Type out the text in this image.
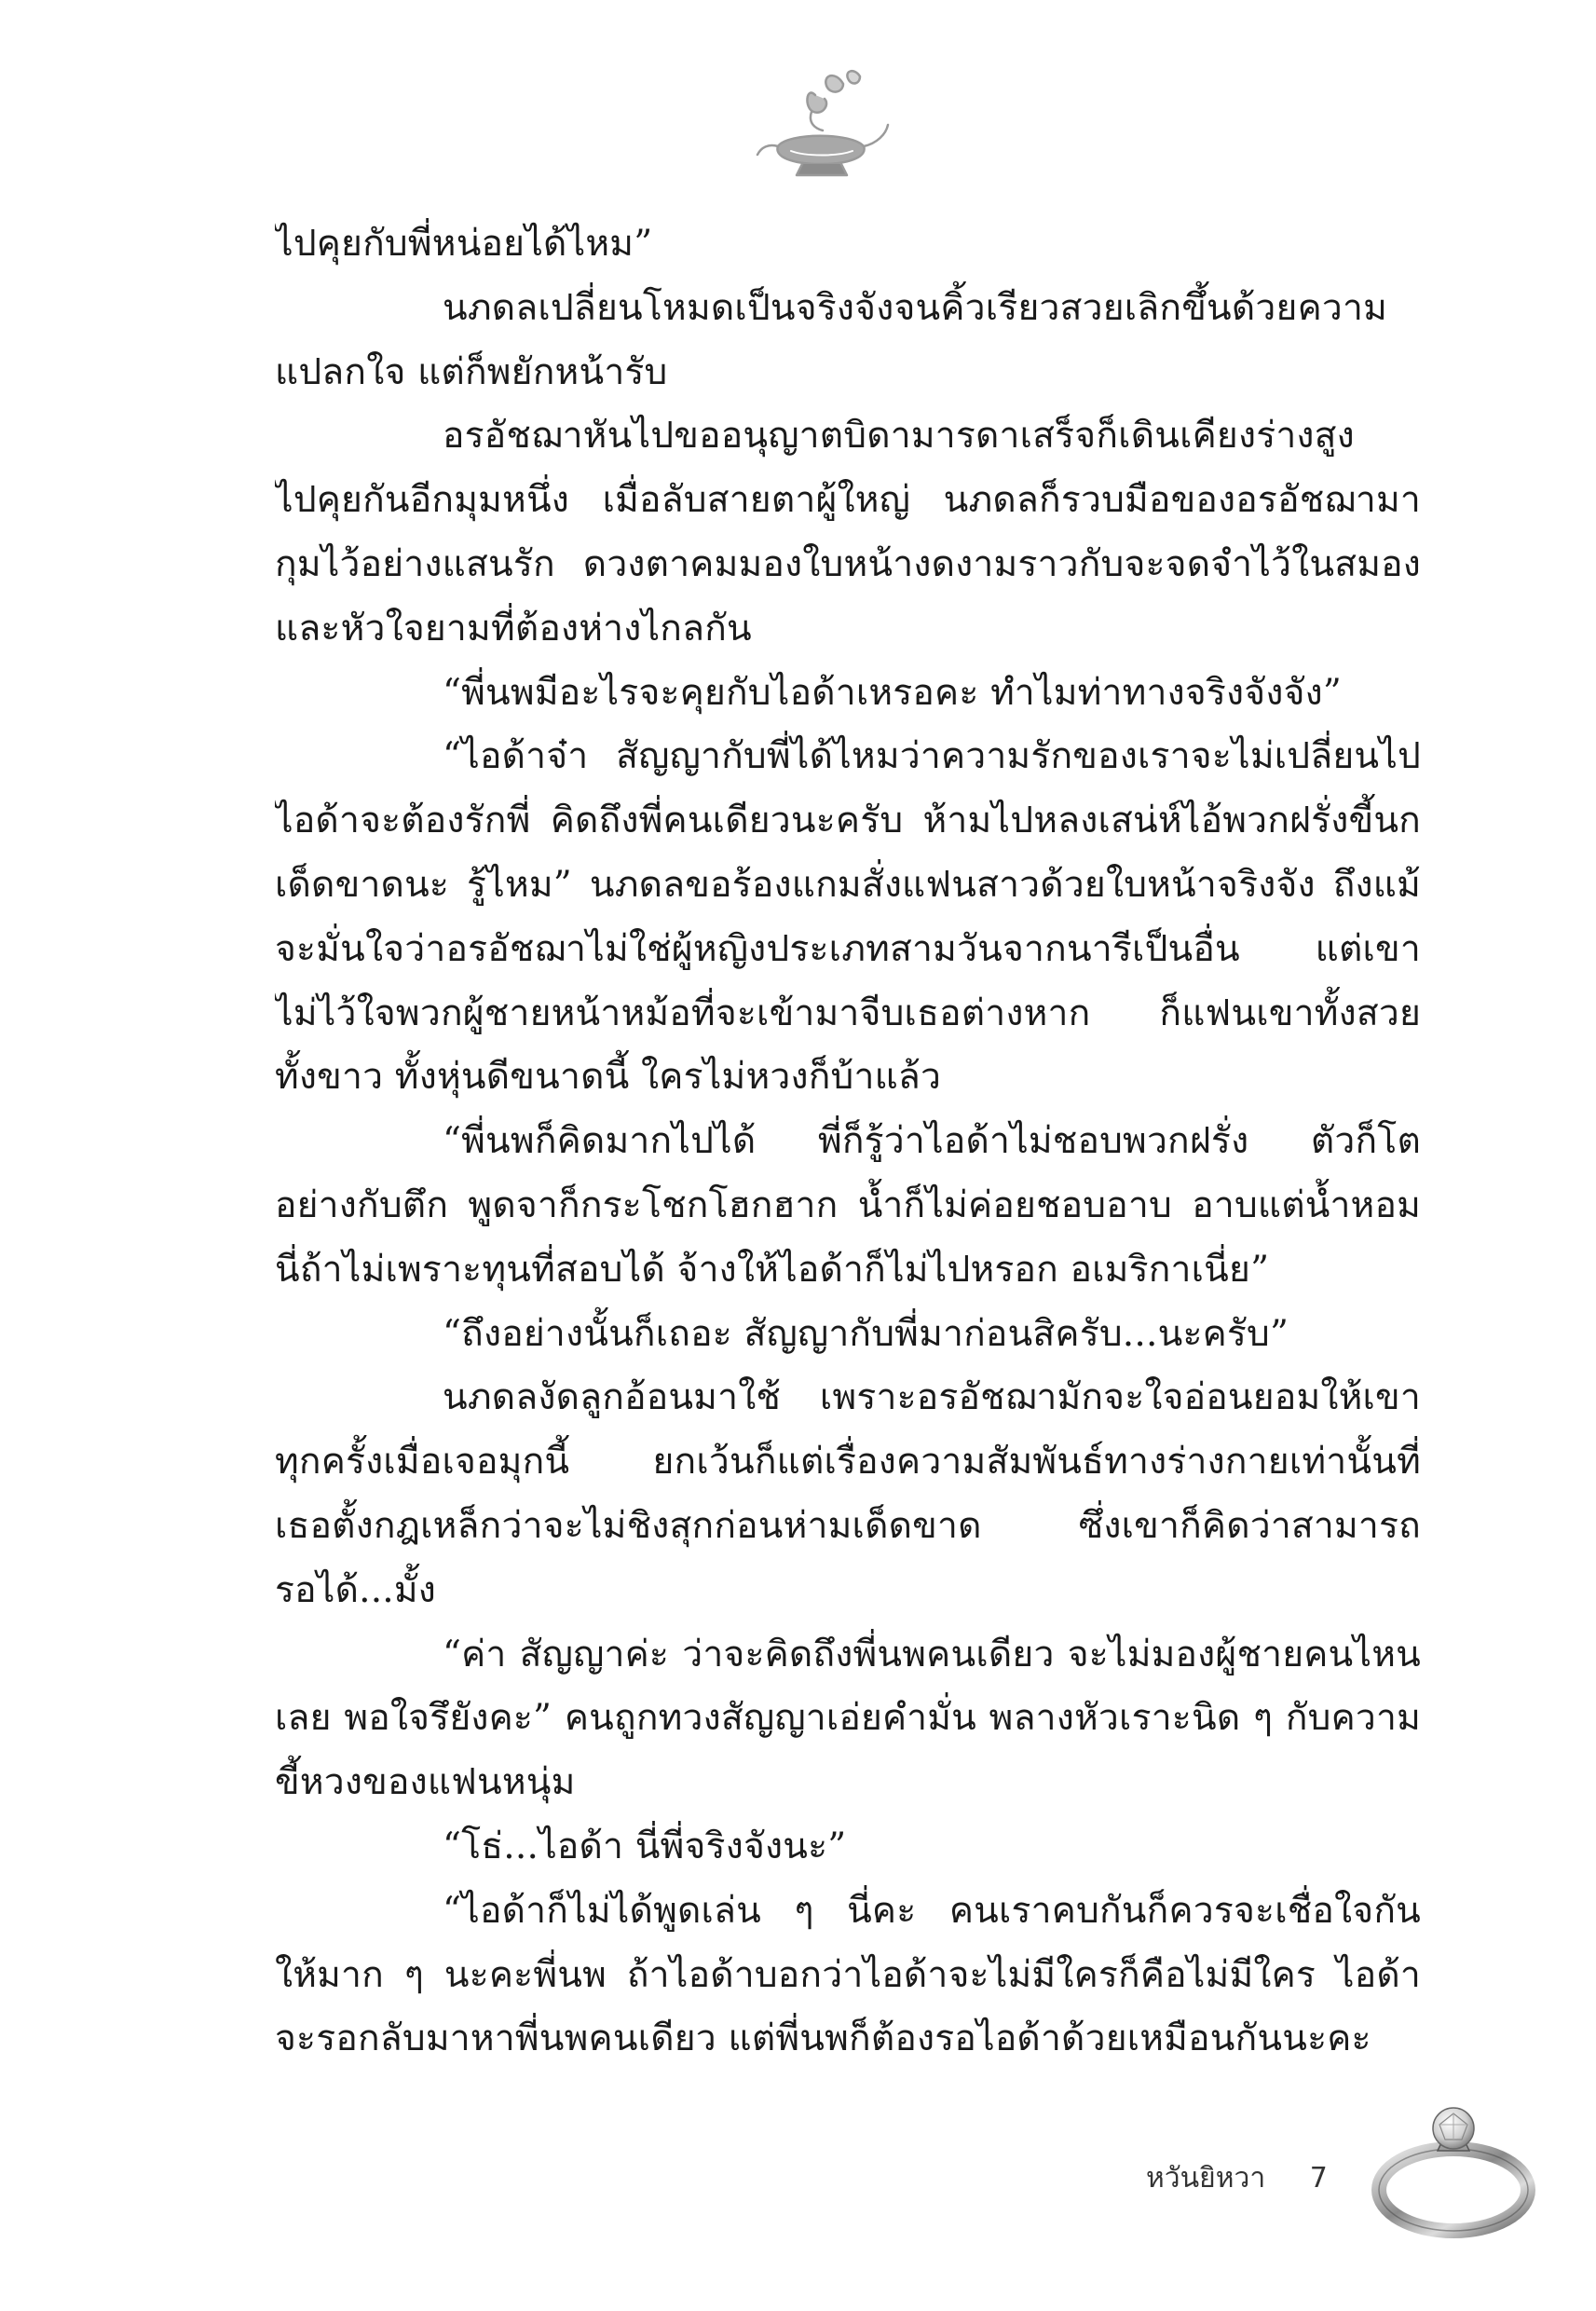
ไปคุยกับพี่หน่อยได้ไหม”
นภดลเปลี่ยนโหมดเป็นจริงจังจนคิ้วเรียวสวยเลิกขึ้นด้วยความ
แปลกใจ แต่ก็พยักหน้ารับ
อรอัชฌาหันไปขออนุญาตบิดามารดาเสร็จก็เดินเคียงร่างสูง
ไปคุยกันอีกมุมหนึ่ง เมื่อลับสายตาผู้ใหญ่ นภดลก็รวบมือของอรอัชฌามา
กุมไว้อย่างแสนรัก ดวงตาคมมองใบหน้างดงามราวกับจะจดจำไว้ในสมอง
และหัวใจยามที่ต้องห่างไกลกัน
“พี่นพมีอะไรจะคุยกับไอด้าเหรอคะ ทำไมท่าทางจริงจังจัง”
“ไอด้าจ๋า สัญญากับพี่ได้ไหมว่าความรักของเราจะไม่เปลี่ยนไป
ไอด้าจะต้องรักพี่ คิดถึงพี่คนเดียวนะครับ ห้ามไปหลงเสน่ห์ไอ้พวกฝรั่งขี้นก
เด็ดขาดนะ รู้ไหม” นภดลขอร้องแกมสั่งแฟนสาวด้วยใบหน้าจริงจัง ถึงแม้
จะมั่นใจว่าอรอัชฌาไม่ใช่ผู้หญิงประเภทสามวันจากนารีเป็นอื่น แต่เขา
ไม่ไว้ใจพวกผู้ชายหน้าหม้อที่จะเข้ามาจีบเธอต่างหาก ก็แฟนเขาทั้งสวย
ทั้งขาว ทั้งหุ่นดีขนาดนี้ ใครไม่หวงก็บ้าแล้ว
“พี่นพก็คิดมากไปได้ พี่ก็รู้ว่าไอด้าไม่ชอบพวกฝรั่ง ตัวก็โต
อย่างกับตึก พูดจาก็กระโชกโฮกฮาก น้ำก็ไม่ค่อยชอบอาบ อาบแต่น้ำหอม
นี่ถ้าไม่เพราะทุนที่สอบได้ จ้างให้ไอด้าก็ไม่ไปหรอก อเมริกาเนี่ย”
“ถึงอย่างนั้นก็เถอะ สัญญากับพี่มาก่อนสิครับ...นะครับ”
นภดลงัดลูกอ้อนมาใช้ เพราะอรอัชฌามักจะใจอ่อนยอมให้เขา
ทุกครั้งเมื่อเจอมุกนี้ ยกเว้นก็แต่เรื่องความสัมพันธ์ทางร่างกายเท่านั้นที่
เธอตั้งกฎเหล็กว่าจะไม่ชิงสุกก่อนห่ามเด็ดขาด ซึ่งเขาก็คิดว่าสามารถ
รอได้...มั้ง
“ค่า สัญญาค่ะ ว่าจะคิดถึงพี่นพคนเดียว จะไม่มองผู้ชายคนไหน
เลย พอใจรึยังคะ” คนถูกทวงสัญญาเอ่ยคำมั่น พลางหัวเราะนิด ๆ กับความ
ขี้หวงของแฟนหนุ่ม
“โธ่...ไอด้า นี่พี่จริงจังนะ”
“ไอด้าก็ไม่ได้พูดเล่น ๆ นี่คะ คนเราคบกันก็ควรจะเชื่อใจกัน
ให้มาก ๆ นะคะพี่นพ ถ้าไอด้าบอกว่าไอด้าจะไม่มีใครก็คือไม่มีใคร ไอด้า
จะรอกลับมาหาพี่นพคนเดียว แต่พี่นพก็ต้องรอไอด้าด้วยเหมือนกันนะคะ
หวันยิหวา 7
